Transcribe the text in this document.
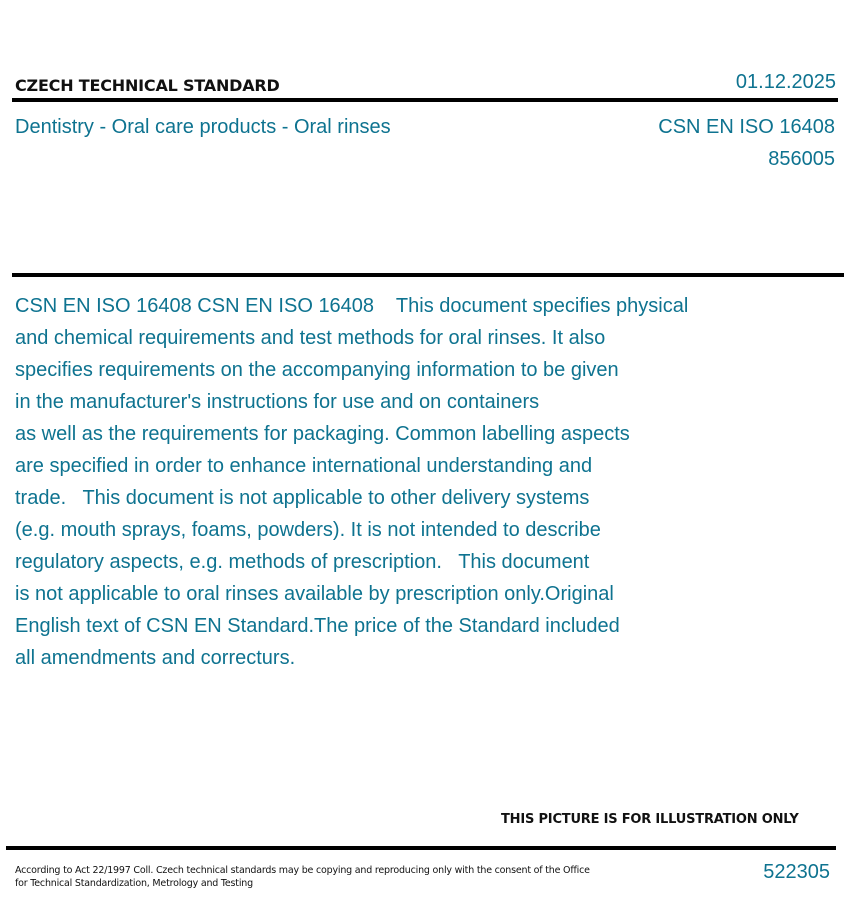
CZECH TECHNICAL STANDARD	01.12.2025
Dentistry - Oral care products - Oral rinses	CSN EN ISO 16408
856005
CSN EN ISO 16408 CSN EN ISO 16408    This document specifies physical
and chemical requirements and test methods for oral rinses. It also
specifies requirements on the accompanying information to be given
in the manufacturer's instructions for use and on containers
as well as the requirements for packaging. Common labelling aspects
are specified in order to enhance international understanding and
trade.   This document is not applicable to other delivery systems
(e.g. mouth sprays, foams, powders). It is not intended to describe
regulatory aspects, e.g. methods of prescription.   This document
is not applicable to oral rinses available by prescription only.Original
English text of CSN EN Standard.The price of the Standard included
all amendments and correcturs.
THIS PICTURE IS FOR ILLUSTRATION ONLY
According to Act 22/1997 Coll. Czech technical standards may be copying and reproducing only with the consent of the Office
for Technical Standardization, Metrology and Testing
522305
